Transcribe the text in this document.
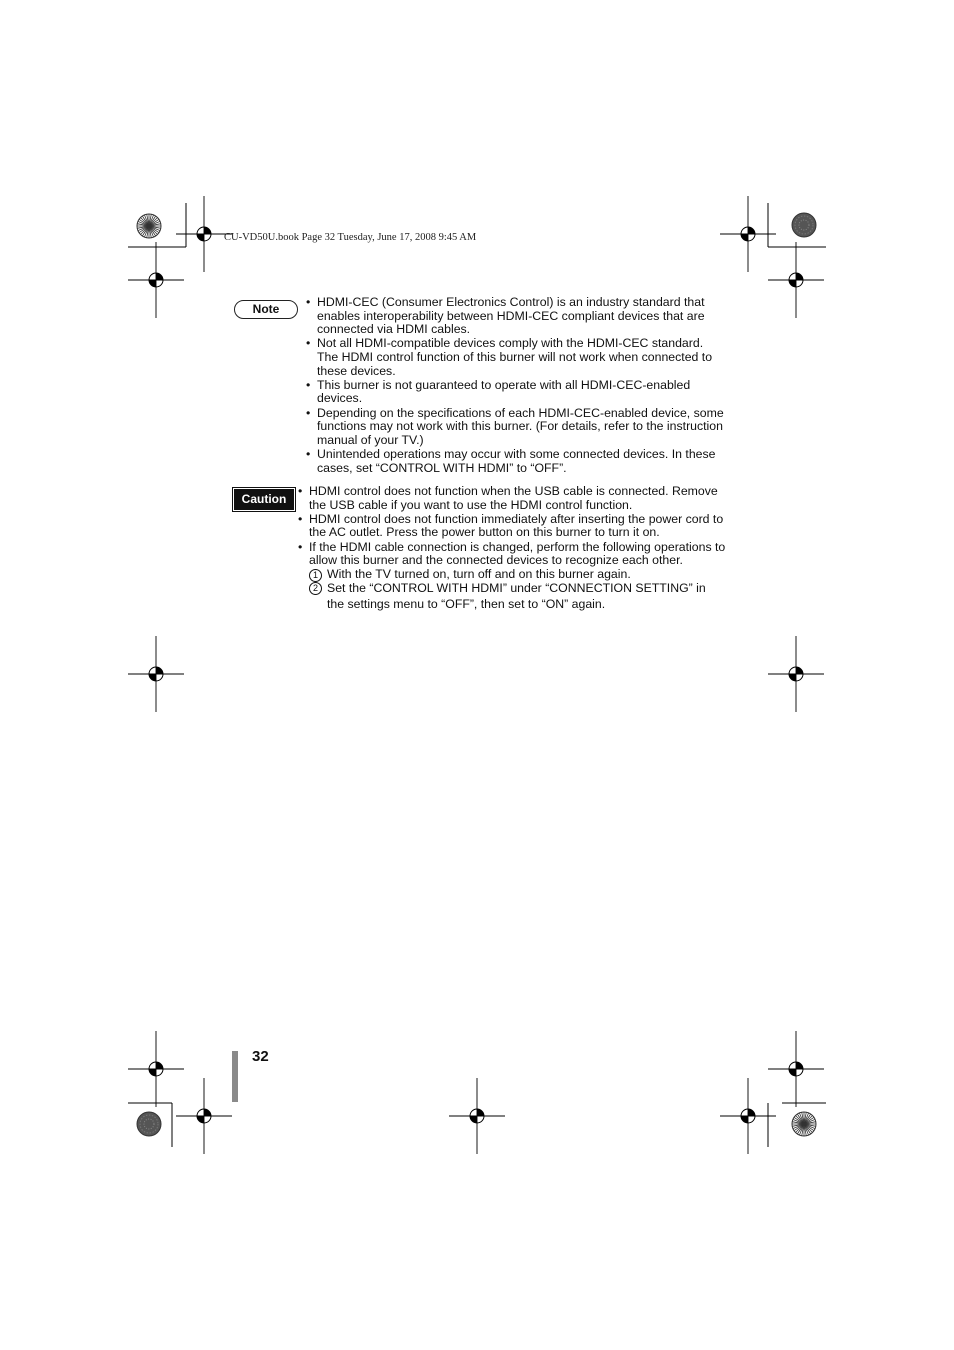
CU-VD50U.book Page 32 Tuesday, June 17, 2008 9:45 AM
Note	• HDMI-CEC (Consumer Electronics Control) is an industry standard that enables interoperability between HDMI-CEC compliant devices that are connected via HDMI cables.
• Not all HDMI-compatible devices comply with the HDMI-CEC standard. The HDMI control function of this burner will not work when connected to these devices.
• This burner is not guaranteed to operate with all HDMI-CEC-enabled devices.
• Depending on the specifications of each HDMI-CEC-enabled device, some functions may not work with this burner. (For details, refer to the instruction manual of your TV.)
• Unintended operations may occur with some connected devices. In these cases, set “CONTROL WITH HDMI” to “OFF”.
Caution
• HDMI control does not function when the USB cable is connected. Remove the USB cable if you want to use the HDMI control function.
• HDMI control does not function immediately after inserting the power cord to the AC outlet. Press the power button on this burner to turn it on.
• If the HDMI cable connection is changed, perform the following operations to allow this burner and the connected devices to recognize each other.
1 With the TV turned on, turn off and on this burner again.
2 Set the “CONTROL WITH HDMI” under “CONNECTION SETTING” in
the settings menu to “OFF”, then set to “ON” again.
32
